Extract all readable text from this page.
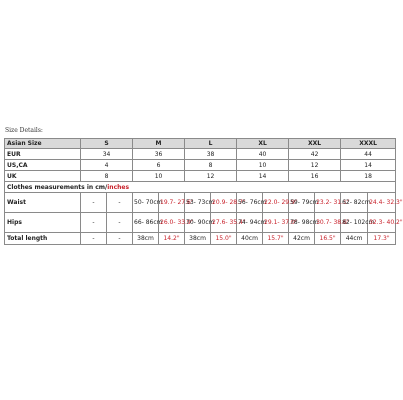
Size Details:
Asian Size	S		M		L		XL		XXL		XXXL	
EUR	34		36		38		40		42		44	
US,CA	4		6		8		10		12		14	
UK	8		10		12		14		16		18	
Clothes measurements in cm/inches												
Waist	-	-	50- 70cm	19.7- 27.6"	53- 73cm	20.9- 28.7"	56- 76cm	22.0- 29.9"	59- 79cm	23.2- 31.1"	62- 82cm	24.4- 32.3"
Hips	-	-	66- 86cm	26.0- 33.9"	70- 90cm	27.6- 35.4"	74- 94cm	29.1- 37.0"	78- 98cm	30.7- 38.6"	82- 102cm	32.3- 40.2"
Total length	-	-	38cm	14.2"	38cm	15.0"	40cm	15.7"	42cm	16.5"	44cm	17.3"
